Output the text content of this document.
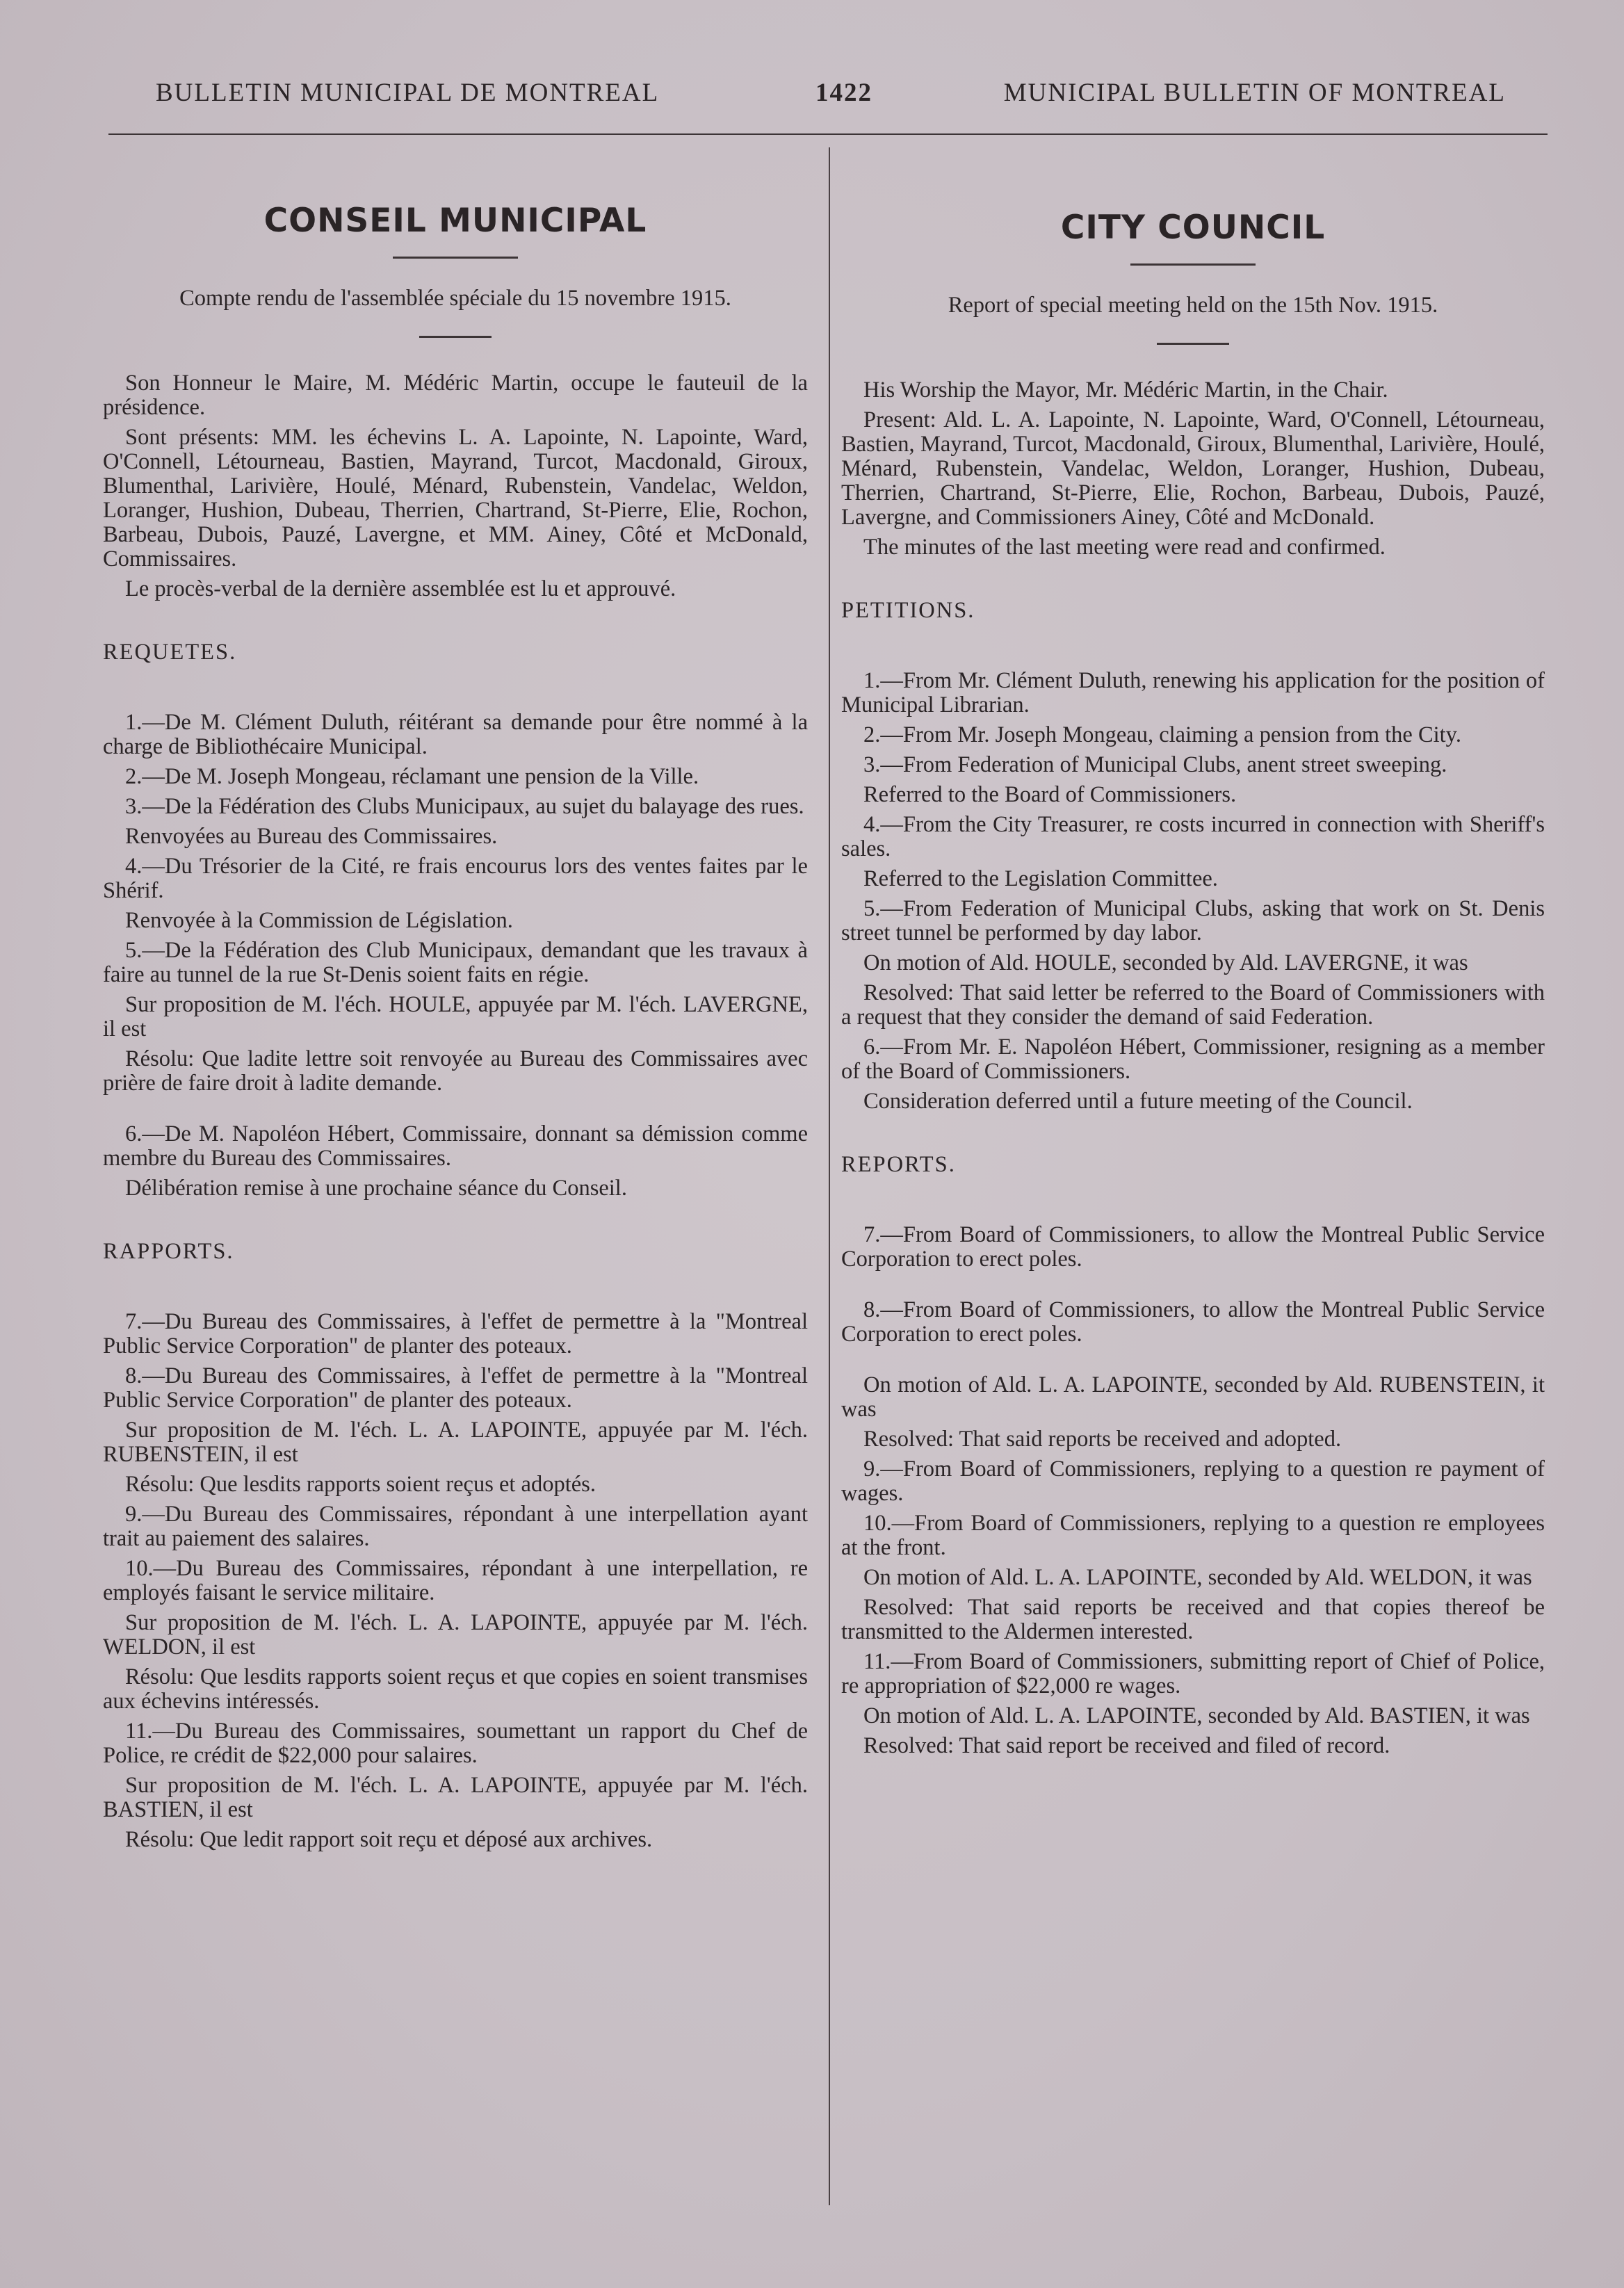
BULLETIN MUNICIPAL DE MONTREAL	1422	MUNICIPAL BULLETIN OF MONTREAL
CONSEIL MUNICIPAL
Compte rendu de l'assemblée spéciale du 15 novembre 1915.

Son Honneur le Maire, M. Médéric Martin, occupe le fauteuil de la présidence.

Sont présents: MM. les échevins L. A. Lapointe, N. Lapointe, Ward, O'Connell, Létourneau, Bastien, Mayrand, Turcot, Macdonald, Giroux, Blumenthal, Larivière, Houlé, Ménard, Rubenstein, Vandelac, Weldon, Loranger, Hushion, Dubeau, Therrien, Chartrand, St-Pierre, Elie, Rochon, Barbeau, Dubois, Pauzé, Lavergne, et MM. Ainey, Côté et McDonald, Commissaires.

Le procès-verbal de la dernière assemblée est lu et approuvé.

REQUETES.

1.—De M. Clément Duluth, réitérant sa demande pour être nommé à la charge de Bibliothécaire Municipal.

2.—De M. Joseph Mongeau, réclamant une pension de la Ville.

3.—De la Fédération des Clubs Municipaux, au sujet du balayage des rues.

Renvoyées au Bureau des Commissaires.

4.—Du Trésorier de la Cité, re frais encourus lors des ventes faites par le Shérif.

Renvoyée à la Commission de Législation.

5.—De la Fédération des Club Municipaux, demandant que les travaux à faire au tunnel de la rue St-Denis soient faits en régie.

Sur proposition de M. l'éch. HOULE, appuyée par M. l'éch. LAVERGNE, il est

Résolu: Que ladite lettre soit renvoyée au Bureau des Commissaires avec prière de faire droit à ladite demande.

6.—De M. Napoléon Hébert, Commissaire, donnant sa démission comme membre du Bureau des Commissaires.

Délibération remise à une prochaine séance du Conseil.

RAPPORTS.

7.—Du Bureau des Commissaires, à l'effet de permettre à la "Montreal Public Service Corporation" de planter des poteaux.

8.—Du Bureau des Commissaires, à l'effet de permettre à la "Montreal Public Service Corporation" de planter des poteaux.

Sur proposition de M. l'éch. L. A. LAPOINTE, appuyée par M. l'éch. RUBENSTEIN, il est

Résolu: Que lesdits rapports soient reçus et adoptés.

9.—Du Bureau des Commissaires, répondant à une interpellation ayant trait au paiement des salaires.

10.—Du Bureau des Commissaires, répondant à une interpellation, re employés faisant le service militaire.

Sur proposition de M. l'éch. L. A. LAPOINTE, appuyée par M. l'éch. WELDON, il est

Résolu: Que lesdits rapports soient reçus et que copies en soient transmises aux échevins intéressés.

11.—Du Bureau des Commissaires, soumettant un rapport du Chef de Police, re crédit de $22,000 pour salaires.

Sur proposition de M. l'éch. L. A. LAPOINTE, appuyée par M. l'éch. BASTIEN, il est

Résolu: Que ledit rapport soit reçu et déposé aux archives.

CITY COUNCIL
Report of special meeting held on the 15th Nov. 1915.

His Worship the Mayor, Mr. Médéric Martin, in the Chair.

Present: Ald. L. A. Lapointe, N. Lapointe, Ward, O'Connell, Létourneau, Bastien, Mayrand, Turcot, Macdonald, Giroux, Blumenthal, Larivière, Houlé, Ménard, Rubenstein, Vandelac, Weldon, Loranger, Hushion, Dubeau, Therrien, Chartrand, St-Pierre, Elie, Rochon, Barbeau, Dubois, Pauzé, Lavergne, and Commissioners Ainey, Côté and McDonald.

The minutes of the last meeting were read and confirmed.

PETITIONS.

1.—From Mr. Clément Duluth, renewing his application for the position of Municipal Librarian.

2.—From Mr. Joseph Mongeau, claiming a pension from the City.

3.—From Federation of Municipal Clubs, anent street sweeping.

Referred to the Board of Commissioners.

4.—From the City Treasurer, re costs incurred in connection with Sheriff's sales.

Referred to the Legislation Committee.

5.—From Federation of Municipal Clubs, asking that work on St. Denis street tunnel be performed by day labor.

On motion of Ald. HOULE, seconded by Ald. LAVERGNE, it was

Resolved: That said letter be referred to the Board of Commissioners with a request that they consider the demand of said Federation.

6.—From Mr. E. Napoléon Hébert, Commissioner, resigning as a member of the Board of Commissioners.

Consideration deferred until a future meeting of the Council.

REPORTS.

7.—From Board of Commissioners, to allow the Montreal Public Service Corporation to erect poles.

8.—From Board of Commissioners, to allow the Montreal Public Service Corporation to erect poles.

On motion of Ald. L. A. LAPOINTE, seconded by Ald. RUBENSTEIN, it was

Resolved: That said reports be received and adopted.

9.—From Board of Commissioners, replying to a question re payment of wages.

10.—From Board of Commissioners, replying to a question re employees at the front.

On motion of Ald. L. A. LAPOINTE, seconded by Ald. WELDON, it was

Resolved: That said reports be received and that copies thereof be transmitted to the Aldermen interested.

11.—From Board of Commissioners, submitting report of Chief of Police, re appropriation of $22,000 re wages.

On motion of Ald. L. A. LAPOINTE, seconded by Ald. BASTIEN, it was

Resolved: That said report be received and filed of record.
